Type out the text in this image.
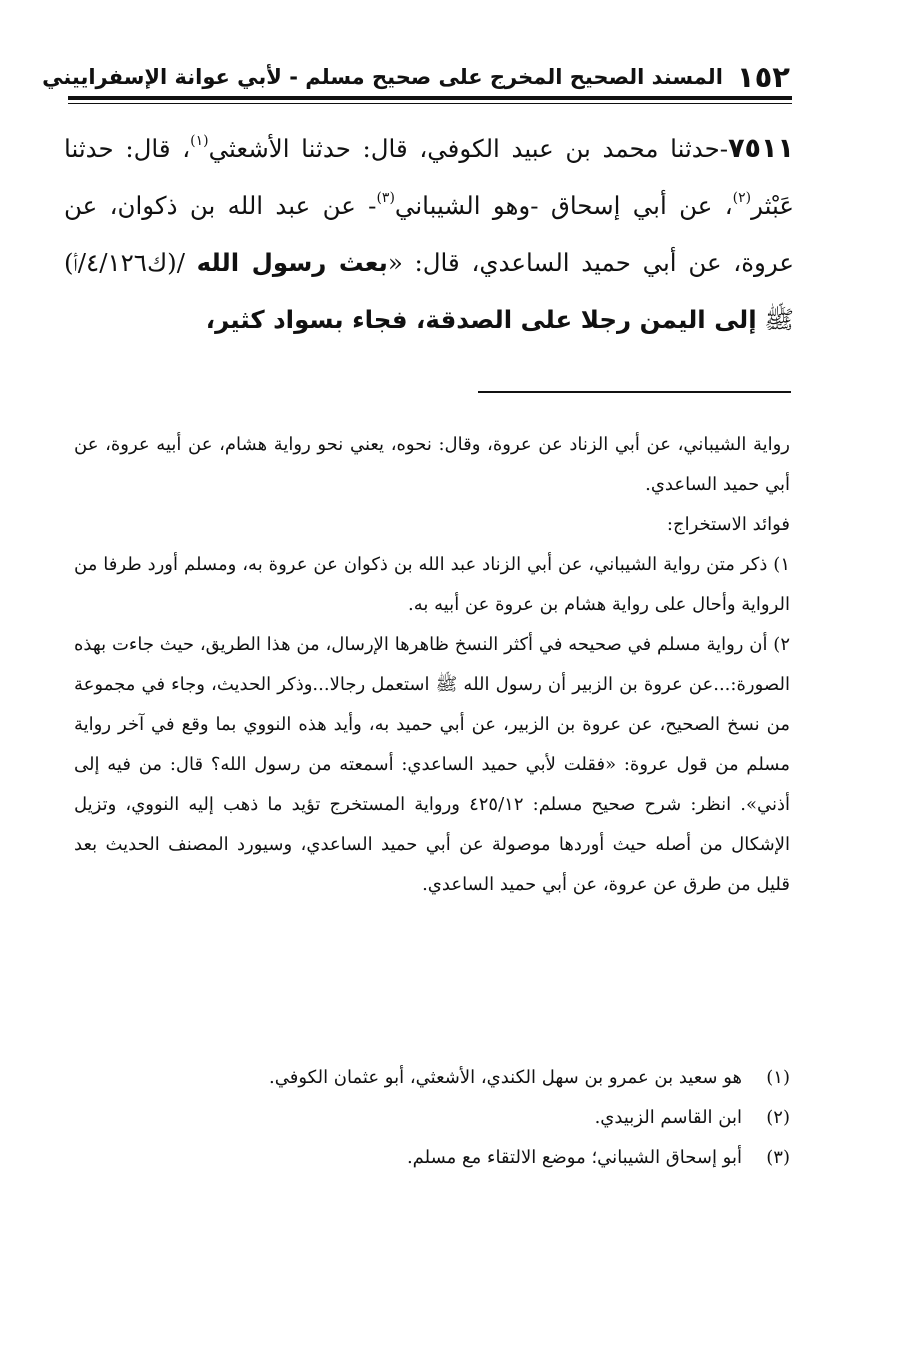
١٥٢
المسند الصحيح المخرج على صحيح مسلم - لأبي عوانة الإسفراييني
٧٥١١-حدثنا محمد بن عبيد الكوفي، قال: حدثنا الأشعثي$^{(١)}$، قال: حدثنا عَبْثر$^{(٢)}$، عن أبي إسحاق -وهو الشيباني$^{(٣)}$- عن عبد الله بن ذكوان، عن عروة، عن أبي حميد الساعدي، قال: «بعث رسول الله /(ك٤/١٢٦/أ) ﷺ إلى اليمن رجلا على الصدقة، فجاء بسواد كثير،

رواية الشيباني، عن أبي الزناد عن عروة، وقال: نحوه، يعني نحو رواية هشام، عن أبيه عروة، عن أبي حميد الساعدي.

فوائد الاستخراج:

١) ذكر متن رواية الشيباني، عن أبي الزناد عبد الله بن ذكوان عن عروة به، ومسلم أورد طرفا من الرواية وأحال على رواية هشام بن عروة عن أبيه به.

٢) أن رواية مسلم في صحيحه في أكثر النسخ ظاهرها الإرسال، من هذا الطريق، حيث جاءت بهذه الصورة:...عن عروة بن الزبير أن رسول الله ﷺ استعمل رجالا...وذكر الحديث، وجاء في مجموعة من نسخ الصحيح، عن عروة بن الزبير، عن أبي حميد به، وأيد هذه النووي بما وقع في آخر رواية مسلم من قول عروة: «فقلت لأبي حميد الساعدي: أسمعته من رسول الله؟ قال: من فيه إلى أذني». انظر: شرح صحيح مسلم: ٤٢٥/١٢ ورواية المستخرج تؤيد ما ذهب إليه النووي، وتزيل الإشكال من أصله حيث أوردها موصولة عن أبي حميد الساعدي، وسيورد المصنف الحديث بعد قليل من طرق عن عروة، عن أبي حميد الساعدي.

(١)
هو سعيد بن عمرو بن سهل الكندي، الأشعثي، أبو عثمان الكوفي.
(٢)
ابن القاسم الزبيدي.
(٣)
أبو إسحاق الشيباني؛ موضع الالتقاء مع مسلم.
